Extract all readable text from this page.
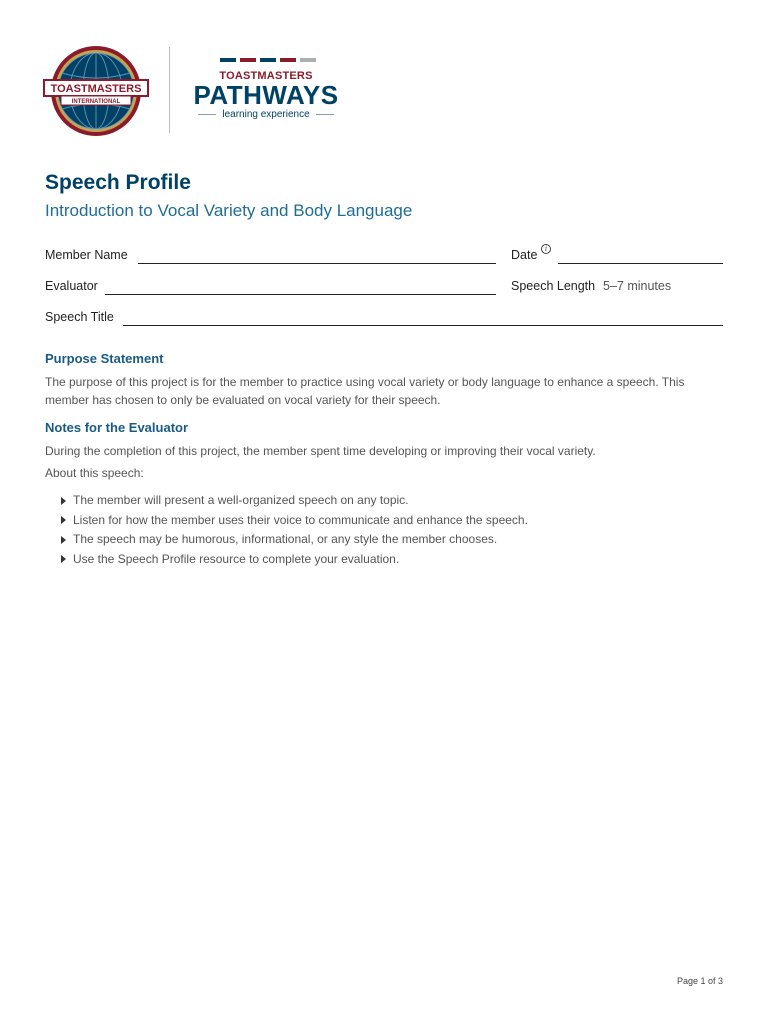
TOASTMASTERS
INTERNATIONAL
TOASTMASTERS
PATHWAYS
learning experience
Speech Profile
Introduction to Vocal Variety and Body Language
Member Name	Date	i
Evaluator	Speech Length 5–7 minutes
Speech Title
Purpose Statement
The purpose of this project is for the member to practice using vocal variety or body language to enhance a speech. This
member has chosen to only be evaluated on vocal variety for their speech.
Notes for the Evaluator
During the completion of this project, the member spent time developing or improving their vocal variety.
About this speech:
The member will present a well-organized speech on any topic.
Listen for how the member uses their voice to communicate and enhance the speech.
The speech may be humorous, informational, or any style the member chooses.
Use the Speech Profile resource to complete your evaluation.
Page 1 of 3
